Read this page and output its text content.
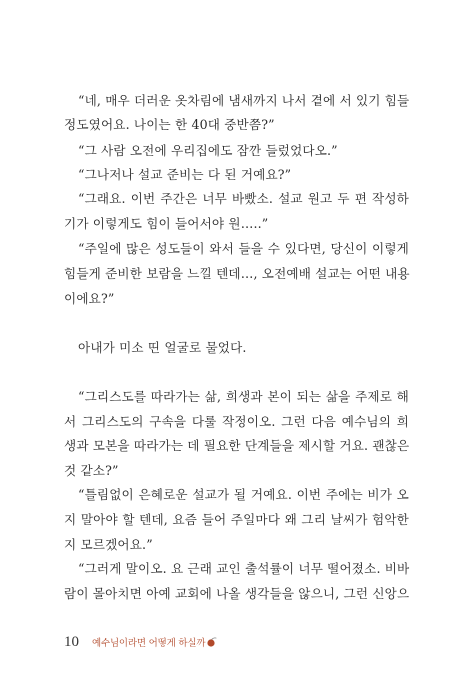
“네, 매우 더러운 옷차림에 냄새까지 나서 곁에 서 있기 힘들
정도였어요. 나이는 한 40대 중반쯤?”
“그 사람 오전에 우리집에도 잠깐 들렀었다오.”
“그나저나 설교 준비는 다 된 거예요?”
“그래요. 이번 주간은 너무 바빴소. 설교 원고 두 편 작성하
기가 이렇게도 힘이 들어서야 원…..”
“주일에 많은 성도들이 와서 들을 수 있다면, 당신이 이렇게
힘들게 준비한 보람을 느낄 텐데…, 오전예배 설교는 어떤 내용
이에요?”
아내가 미소 띤 얼굴로 물었다.
“그리스도를 따라가는 삶, 희생과 본이 되는 삶을 주제로 해
서 그리스도의 구속을 다룰 작정이오. 그런 다음 예수님의 희
생과 모본을 따라가는 데 필요한 단계들을 제시할 거요. 괜찮은
것 같소?”
“틀림없이 은혜로운 설교가 될 거예요. 이번 주에는 비가 오
지 말아야 할 텐데, 요즘 들어 주일마다 왜 그리 날씨가 험악한
지 모르겠어요.”
“그러게 말이오. 요 근래 교인 출석률이 너무 떨어졌소. 비바
람이 몰아치면 아예 교회에 나올 생각들을 않으니, 그런 신앙으
10 예수님이라면 어떻게 하실까
